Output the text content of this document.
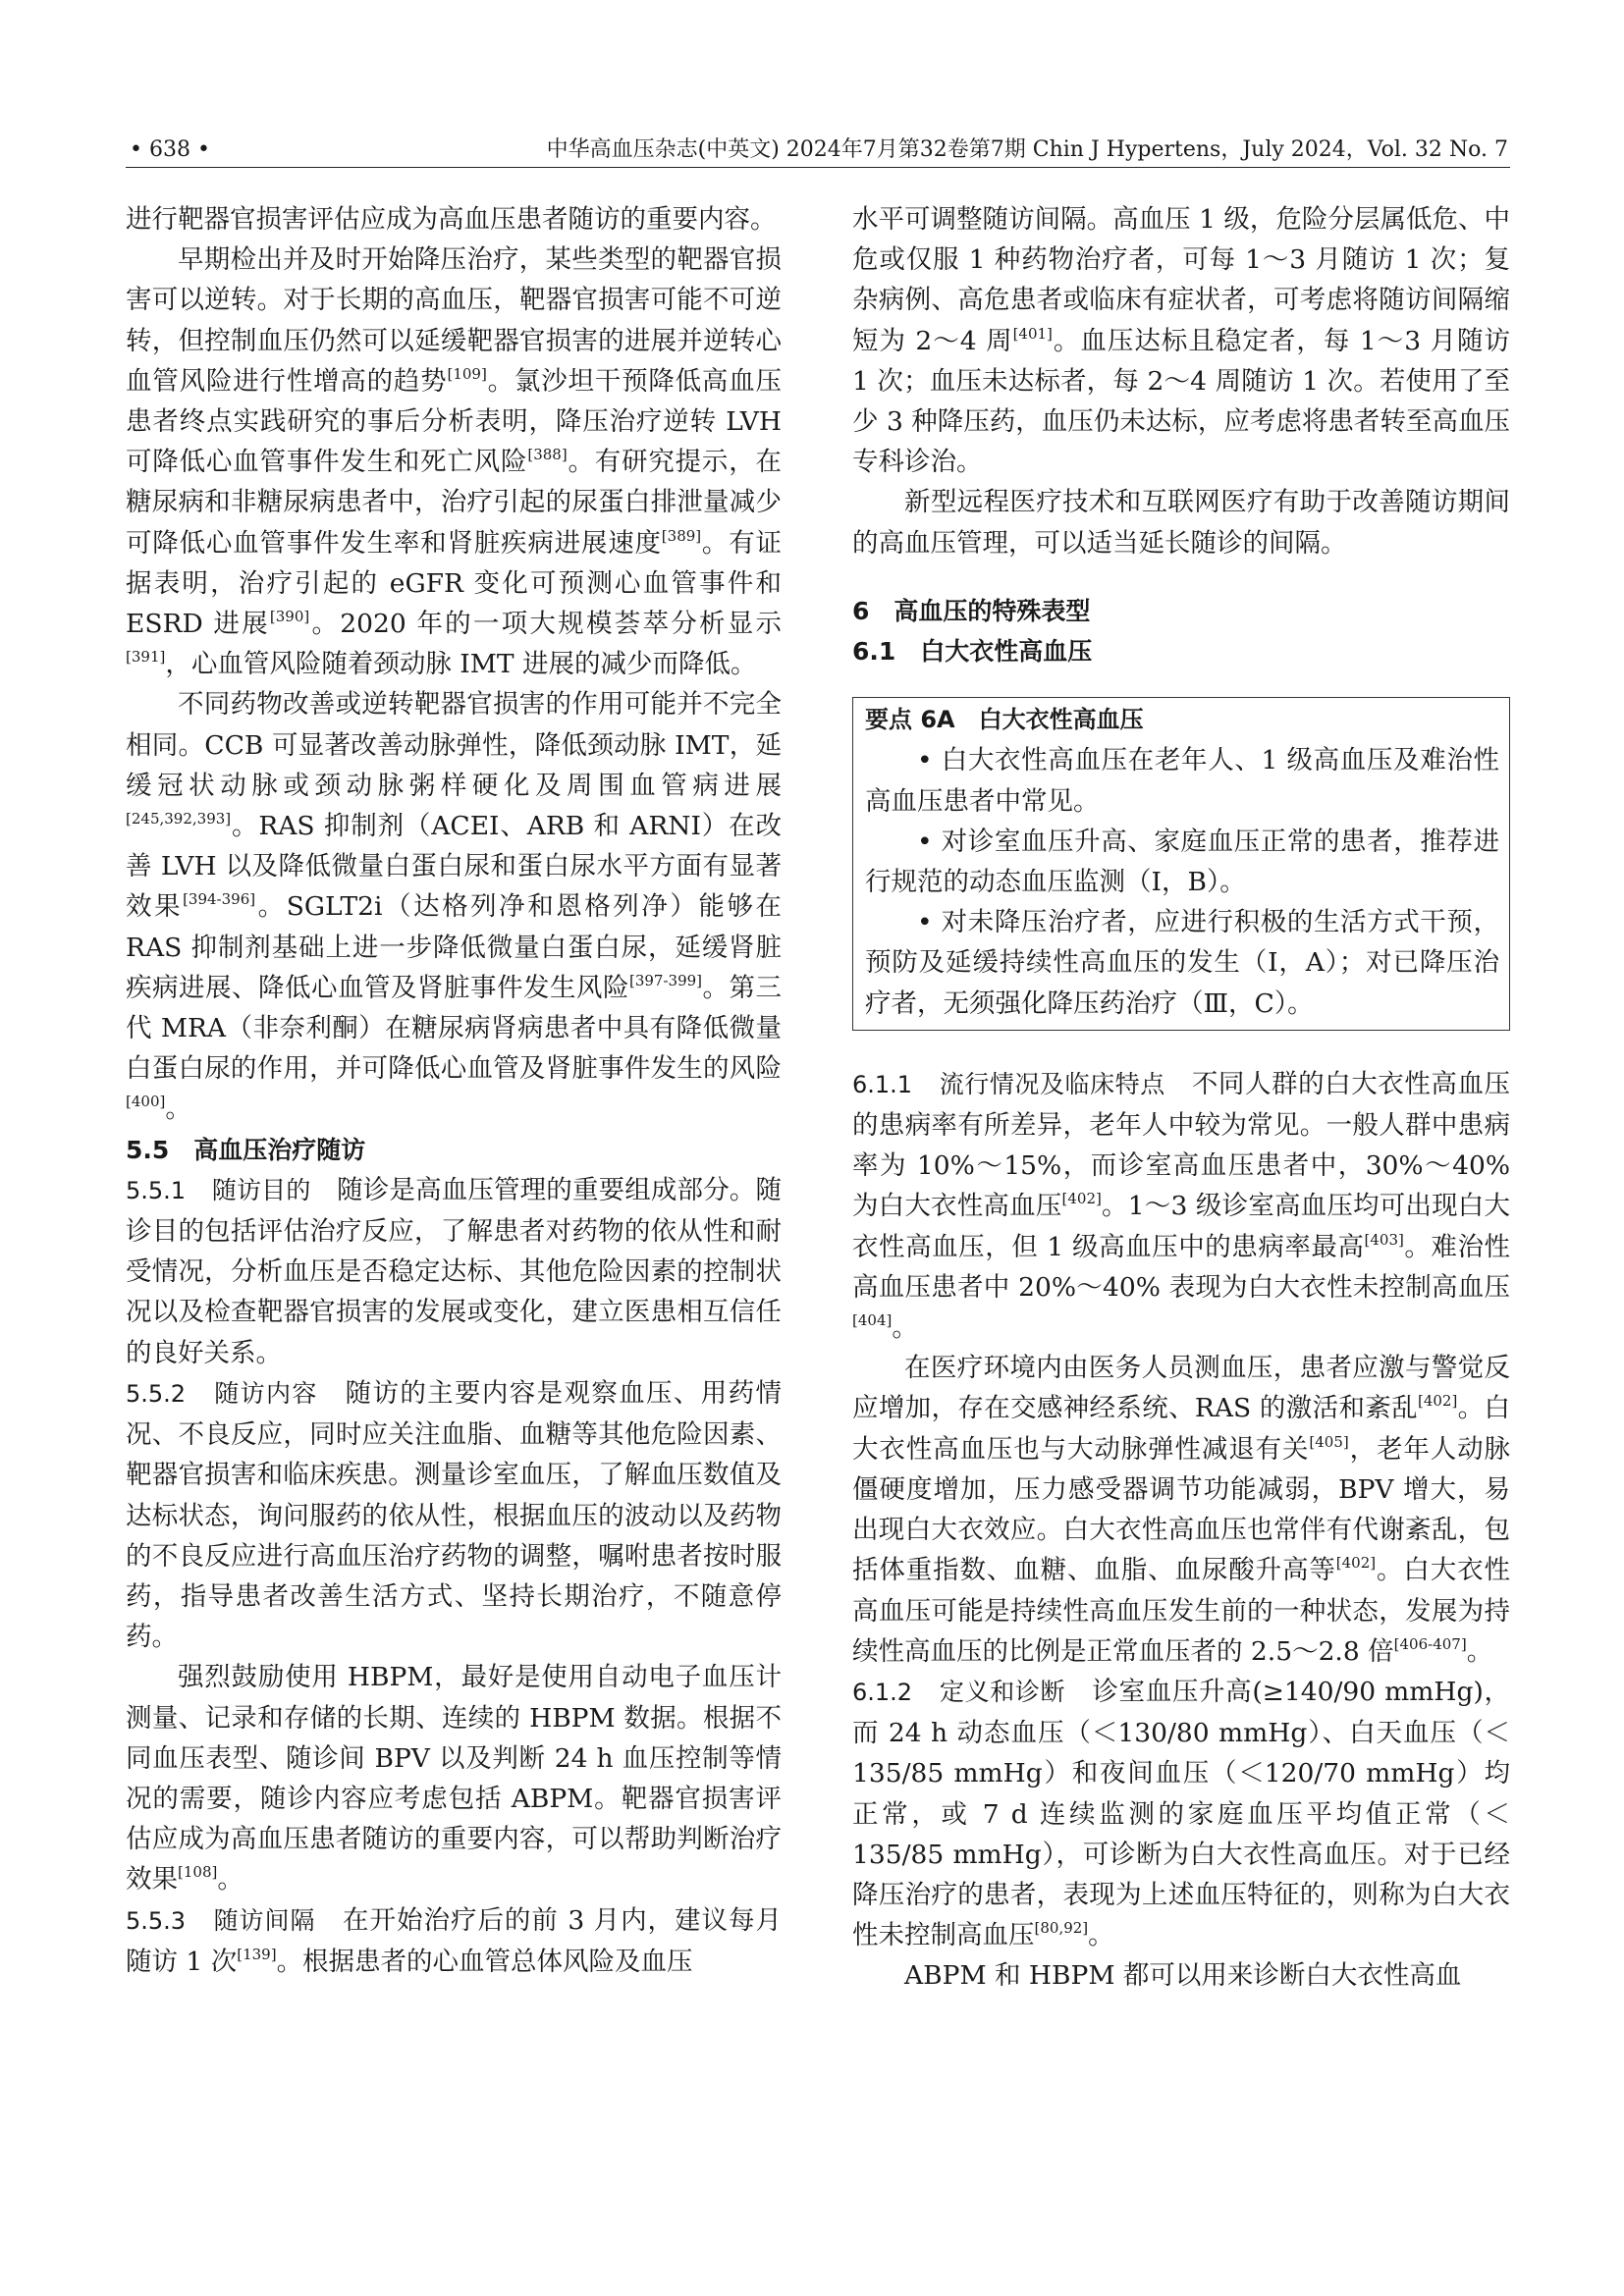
• 638 •	中华高血压杂志(中英文) 2024年7月第32卷第7期 Chin J Hypertens，July 2024，Vol. 32 No. 7

进行靶器官损害评估应成为高血压患者随访的重要内容。

早期检出并及时开始降压治疗，某些类型的靶器官损害可以逆转。对于长期的高血压，靶器官损害可能不可逆转，但控制血压仍然可以延缓靶器官损害的进展并逆转心血管风险进行性增高的趋势[109]。氯沙坦干预降低高血压患者终点实践研究的事后分析表明，降压治疗逆转 LVH 可降低心血管事件发生和死亡风险[388]。有研究提示，在糖尿病和非糖尿病患者中，治疗引起的尿蛋白排泄量减少可降低心血管事件发生率和肾脏疾病进展速度[389]。有证据表明，治疗引起的 eGFR 变化可预测心血管事件和 ESRD 进展[390]。2020 年的一项大规模荟萃分析显示[391]，心血管风险随着颈动脉 IMT 进展的减少而降低。

不同药物改善或逆转靶器官损害的作用可能并不完全相同。CCB 可显著改善动脉弹性，降低颈动脉 IMT，延缓冠状动脉或颈动脉粥样硬化及周围血管病进展[245,392,393]。RAS 抑制剂（ACEI、ARB 和 ARNI）在改善 LVH 以及降低微量白蛋白尿和蛋白尿水平方面有显著效果[394-396]。SGLT2i（达格列净和恩格列净）能够在 RAS 抑制剂基础上进一步降低微量白蛋白尿，延缓肾脏疾病进展、降低心血管及肾脏事件发生风险[397-399]。第三代 MRA（非奈利酮）在糖尿病肾病患者中具有降低微量白蛋白尿的作用，并可降低心血管及肾脏事件发生的风险[400]。

5.5　高血压治疗随访

5.5.1　 随访目的　 随诊是高血压管理的重要组成部分。随诊目的包括评估治疗反应，了解患者对药物的依从性和耐受情况，分析血压是否稳定达标、其他危险因素的控制状况以及检查靶器官损害的发展或变化，建立医患相互信任的良好关系。

5.5.2　 随访内容　 随访的主要内容是观察血压、用药情况、不良反应，同时应关注血脂、血糖等其他危险因素、靶器官损害和临床疾患。测量诊室血压，了解血压数值及达标状态，询问服药的依从性，根据血压的波动以及药物的不良反应进行高血压治疗药物的调整，嘱咐患者按时服药，指导患者改善生活方式、坚持长期治疗，不随意停药。

强烈鼓励使用 HBPM，最好是使用自动电子血压计测量、记录和存储的长期、连续的 HBPM 数据。根据不同血压表型、随诊间 BPV 以及判断 24 h 血压控制等情况的需要，随诊内容应考虑包括 ABPM。靶器官损害评估应成为高血压患者随访的重要内容，可以帮助判断治疗效果[108]。

5.5.3　 随访间隔　 在开始治疗后的前 3 月内，建议每月随访 1 次[139]。根据患者的心血管总体风险及血压

水平可调整随访间隔。高血压 1 级，危险分层属低危、中危或仅服 1 种药物治疗者，可每 1～3 月随访 1 次；复杂病例、高危患者或临床有症状者，可考虑将随访间隔缩短为 2～4 周[401]。血压达标且稳定者，每 1～3 月随访 1 次；血压未达标者，每 2～4 周随访 1 次。若使用了至少 3 种降压药，血压仍未达标，应考虑将患者转至高血压专科诊治。

新型远程医疗技术和互联网医疗有助于改善随访期间的高血压管理，可以适当延长随诊的间隔。

6　高血压的特殊表型

6.1　白大衣性高血压

要点 6A　白大衣性高血压

• 白大衣性高血压在老年人、1 级高血压及难治性高血压患者中常见。

• 对诊室血压升高、家庭血压正常的患者，推荐进行规范的动态血压监测（Ⅰ，B）。

• 对未降压治疗者，应进行积极的生活方式干预，预防及延缓持续性高血压的发生（Ⅰ，A）；对已降压治疗者，无须强化降压药治疗（Ⅲ，C）。

6.1.1　 流行情况及临床特点　 不同人群的白大衣性高血压的患病率有所差异，老年人中较为常见。一般人群中患病率为 10%～15%，而诊室高血压患者中，30%～40% 为白大衣性高血压[402]。1～3 级诊室高血压均可出现白大衣性高血压，但 1 级高血压中的患病率最高[403]。难治性高血压患者中 20%～40% 表现为白大衣性未控制高血压[404]。

在医疗环境内由医务人员测血压，患者应激与警觉反应增加，存在交感神经系统、RAS 的激活和紊乱[402]。白大衣性高血压也与大动脉弹性减退有关[405]，老年人动脉僵硬度增加，压力感受器调节功能减弱，BPV 增大，易出现白大衣效应。白大衣性高血压也常伴有代谢紊乱，包括体重指数、血糖、血脂、血尿酸升高等[402]。白大衣性高血压可能是持续性高血压发生前的一种状态，发展为持续性高血压的比例是正常血压者的 2.5～2.8 倍[406-407]。

6.1.2　 定义和诊断　 诊室血压升高(≥140/90 mmHg)，而 24 h 动态血压（＜130/80 mmHg）、白天血压（＜135/85 mmHg）和夜间血压（＜120/70 mmHg）均正常，或 7 d 连续监测的家庭血压平均值正常（＜135/85 mmHg），可诊断为白大衣性高血压。对于已经降压治疗的患者，表现为上述血压特征的，则称为白大衣性未控制高血压[80,92]。

ABPM 和 HBPM 都可以用来诊断白大衣性高血
